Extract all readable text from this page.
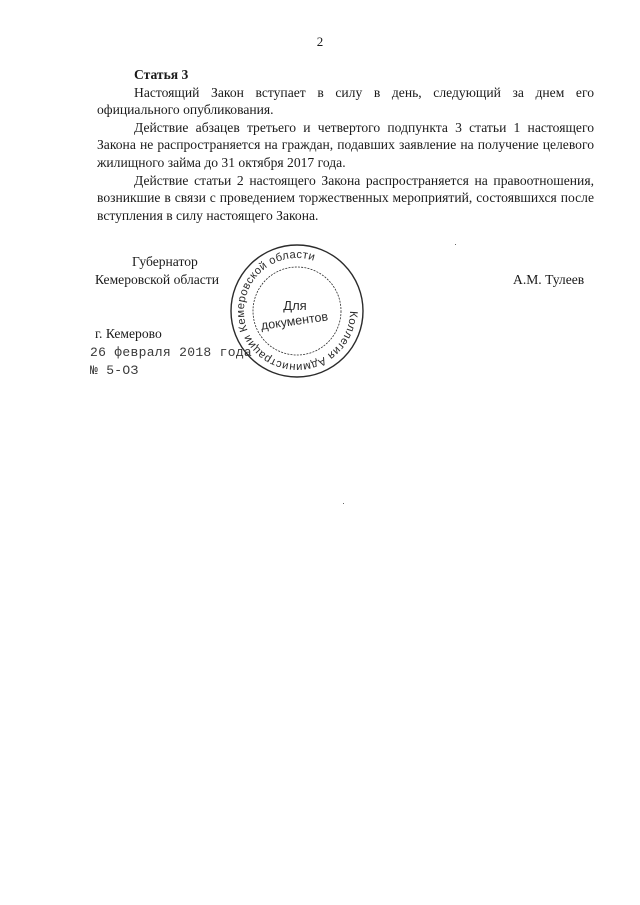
2
Статья 3

Настоящий Закон вступает в силу в день, следующий за днем его официального опубликования.

Действие абзацев третьего и четвертого подпункта 3 статьи 1 настоящего Закона не распространяется на граждан, подавших заявление на получение целевого жилищного займа до 31 октября 2017 года.

Действие статьи 2 настоящего Закона распространяется на правоотношения, возникшие в связи с проведением торжественных мероприятий, состоявшихся после вступления в силу настоящего Закона.

Губернатор
Кемеровской области	А.М. Тулеев
г. Кемерово
26 февраля 2018 года
№ 5-ОЗ
Коллегия Администрации Кемеровской области
Для
документов
